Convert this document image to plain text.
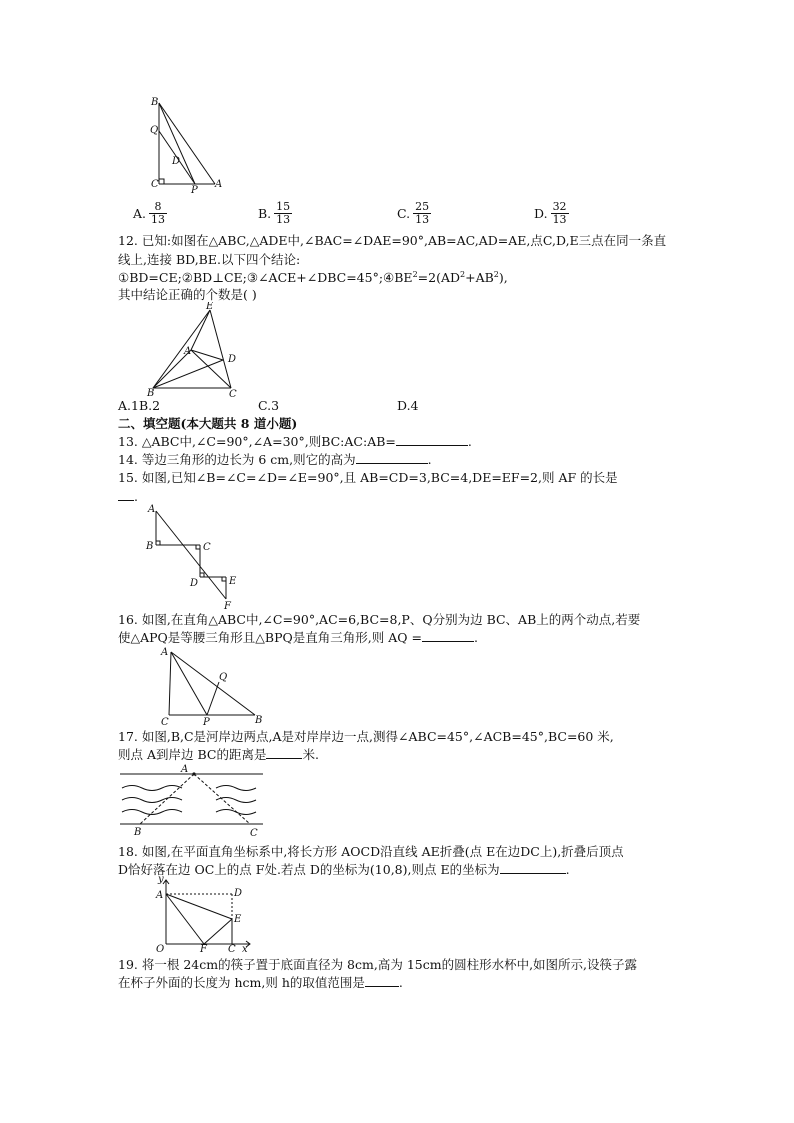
B
Q
D
C
P
A
A. $\frac{8}{13}$	B. $\frac{15}{13}$	C. $\frac{25}{13}$	D. $\frac{32}{13}$
12. 已知:如图在△ABC,△ADE中,∠BAC=∠DAE=90°,AB=AC,AD=AE,点C,D,E三点在同一条直
线上,连接 BD,BE.以下四个结论:
$①BD=CE;②BD\perp CE;③\angle ACE+\angle DBC=45^\circ;④BE^2=2(AD^2+AB^2)$,
其中结论正确的个数是( )
E
A
D
B	C
A.1B.2	C.3	D.4
二、填空题(本大题共 8 道小题)
13. △ABC中,∠C=90°,∠A=30°,则BC:AC:AB=	.
14. 等边三角形的边长为 6 cm,则它的高为	.
15. 如图,已知∠B=∠C=∠D=∠E=90°,且 AB=CD=3,BC=4,DE=EF=2,则 AF 的长是
.
A
B	C
D	E
F
16. 如图,在直角△ABC中,∠C=90°,AC=6,BC=8,P、Q分别为边 BC、AB上的两个动点,若要
使△APQ是等腰三角形且△BPQ是直角三角形,则 AQ =	.
A
Q
C	P	B
17. 如图,B,C是河岸边两点,A是对岸岸边一点,测得∠ABC=45°,∠ACB=45°,BC=60 米,
则点 A到岸边 BC的距离是	米.
A
B	C
18. 如图,在平面直角坐标系中,将长方形 AOCD沿直线 AE折叠(点 E在边DC上),折叠后顶点
D恰好落在边 OC上的点 F处.若点 D的坐标为(10,8),则点 E的坐标为	.
y
A	D
E
O	F C x
19. 将一根 24cm的筷子置于底面直径为 8cm,高为 15cm的圆柱形水杯中,如图所示,设筷子露
在杯子外面的长度为 hcm,则 h的取值范围是	.
